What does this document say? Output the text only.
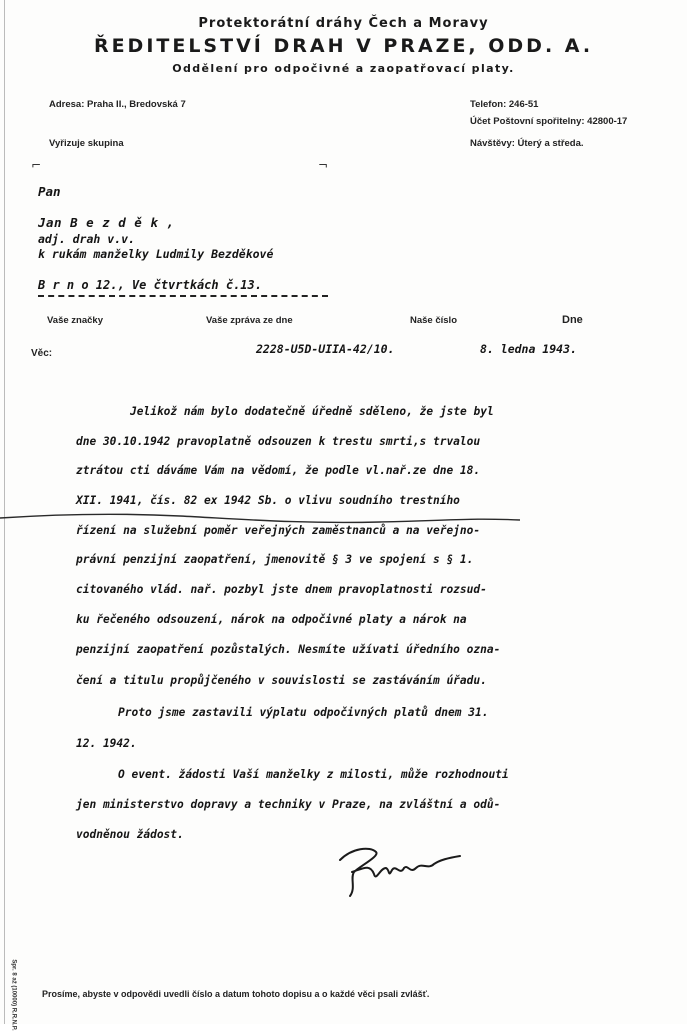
Protektorátní dráhy Čech a Moravy
ŘEDITELSTVÍ DRAH V PRAZE, ODD. A.
Oddělení pro odpočivné a zaopatřovací platy.
Adresa: Praha II., Bredovská 7	Telefon: 246-51
Účet Poštovní spořitelny: 42800-17
Vyřizuje skupina	Návštěvy: Úterý a středa.
⌐	¬
Pan
Jan B e z d ě k ,
adj. drah v.v.
k rukám manželky Ludmily Bezděkové
B r n o 12., Ve čtvrtkách č.13.
Vaše značky	Vaše zpráva ze dne	Naše číslo	Dne
Věc:	2228-U5D-UIIA-42/10.	8. ledna 1943.
Jelikož nám bylo dodatečně úředně sděleno, že jste byl
dne 30.10.1942 pravoplatně odsouzen k trestu smrti,s trvalou
ztrátou cti dáváme Vám na vědomí, že podle vl.nař.ze dne 18.
XII. 1941, čís. 82 ex 1942 Sb. o vlivu soudního trestního
řízení na služební poměr veřejných zaměstnanců a na veřejno-
právní penzijní zaopatření, jmenovitě § 3 ve spojení s § 1.
citovaného vlád. nař. pozbyl jste dnem pravoplatnosti rozsud-
ku řečeného odsouzení, nárok na odpočivné platy a nárok na
penzijní zaopatření pozůstalých. Nesmíte užívati úředního ozna-
čení a titulu propůjčeného v souvislosti se zastáváním úřadu.
Proto jsme zastavili výplatu odpočivných platů dnem 31.
12. 1942.
O event. žádosti Vaší manželky z milosti, může rozhodnouti
jen ministerstvo dopravy a techniky v Praze, na zvláštní a odů-
vodněnou žádost.
Prosíme, abyste v odpovědi uvedli číslo a datum tohoto dopisu a o každé věci psali zvlášť.
Spr. 8 až (10000) R.R.N.P.
